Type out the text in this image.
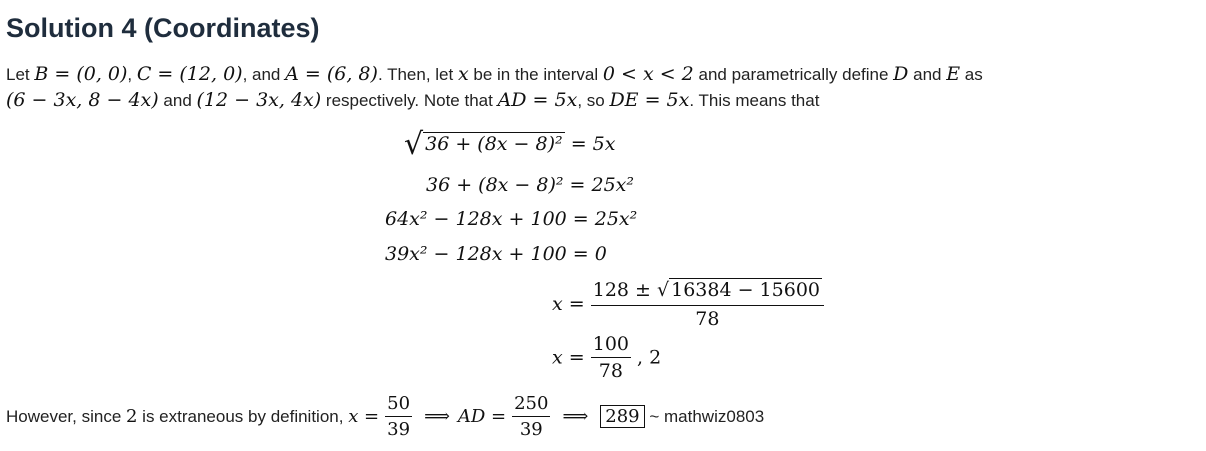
Solution 4 (Coordinates)
Let B = (0, 0), C = (12, 0), and A = (6, 8). Then, let x be in the interval 0 < x < 2 and parametrically define D and E as
(6 − 3x, 8 − 4x) and (12 − 3x, 4x) respectively. Note that AD = 5x, so DE = 5x. This means that
√ 36 + (8x − 8)² = 5x
36 + (8x − 8)² = 25x²
64x² − 128x + 100 = 25x²
39x² − 128x + 100 = 0
$x = \frac{128 \pm √ 16384 - 15600}{78}$
$x = \frac{100}{78}$ , 2
However, since 2 is extraneous by definition, $x = \frac{50}{39}$ ⟹ AD = $\frac{250}{39}$ ⟹ 289 ~ mathwiz0803
